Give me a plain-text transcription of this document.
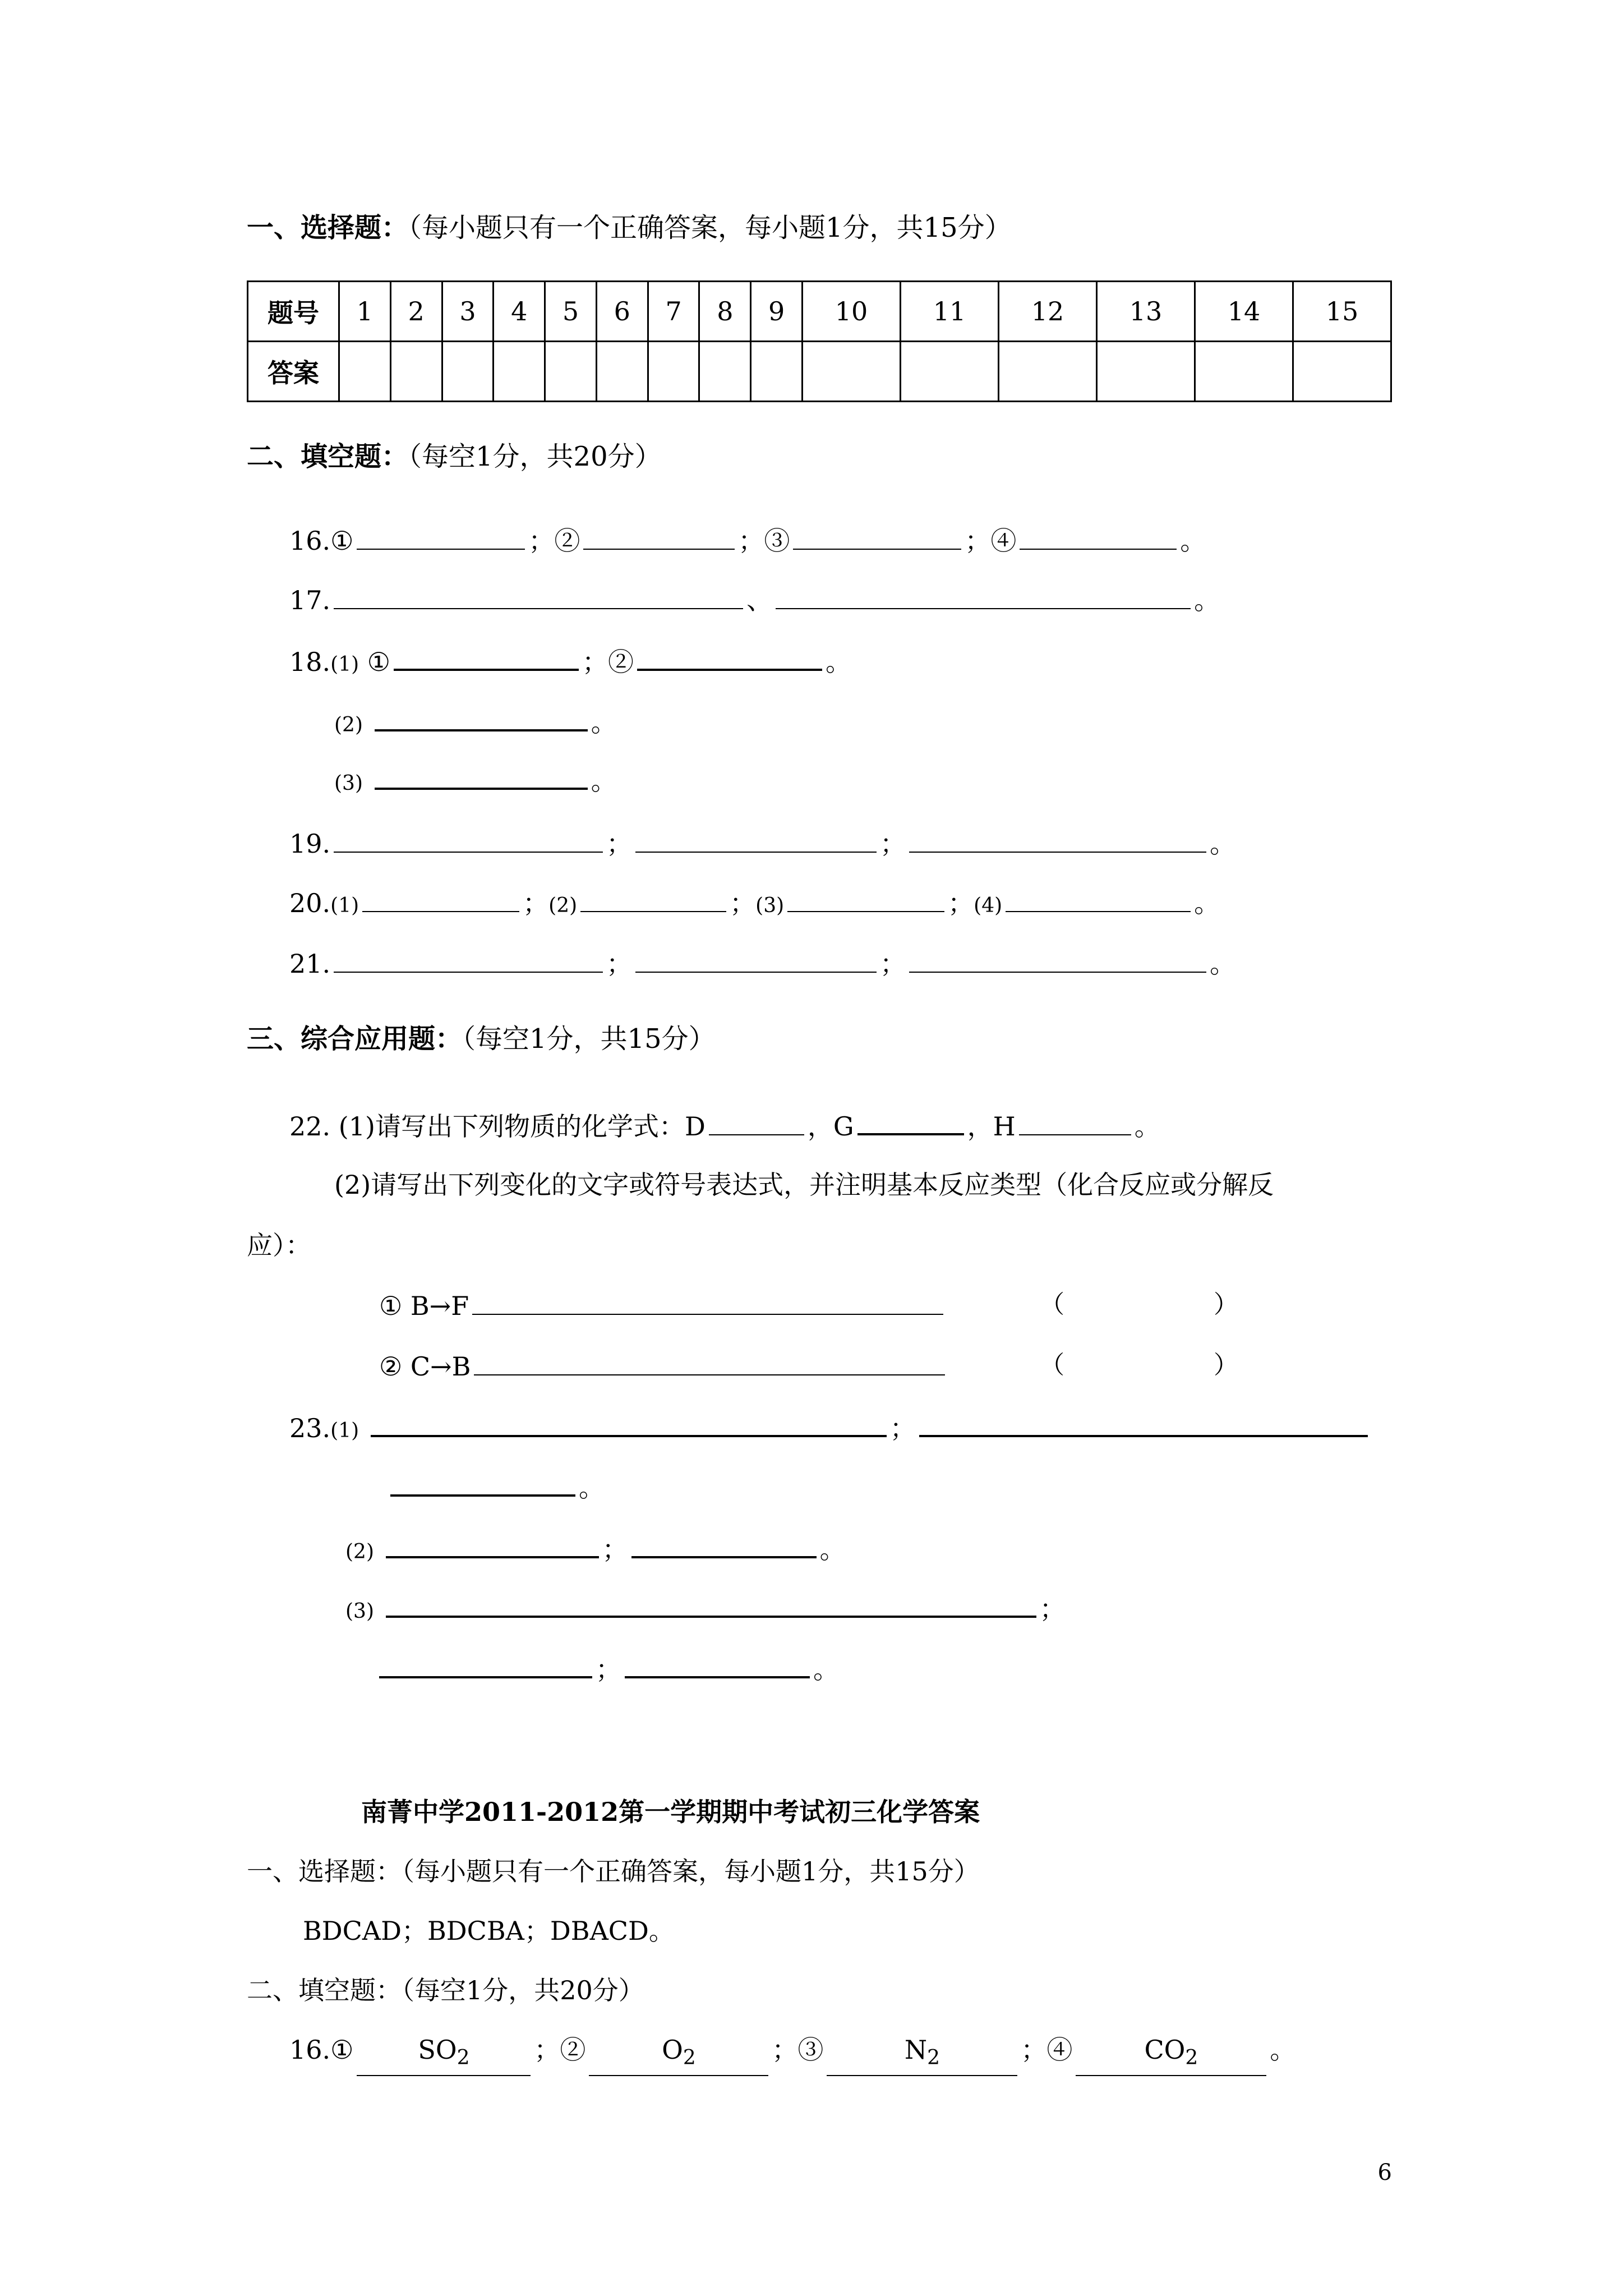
一、选择题：（每小题只有一个正确答案，每小题1分，共15分）
题号	1	2	3	4	5	6	7	8	9	10	11	12	13	14	15
答案															
二、填空题：（每空1分，共20分）
16.①	；②	；③	；④	。
17.	、	。
18.(1) ①	；②	。
(2)	。
(3)	。
19.	；	；	。
20.(1)	；(2)	；(3)	；(4)	。
21.	；	；	。
三、综合应用题：（每空1分，共15分）
22. (1)请写出下列物质的化学式：D	，G	，H	。
(2)请写出下列变化的文字或符号表达式，并注明基本反应类型（化合反应或分解反
应）：
① B→F	（	）
② C→B	（	）
23.(1)	；
。
(2)	；	。
(3)	；
；	。
南菁中学2011-2012第一学期期中考试初三化学答案
一、选择题：（每小题只有一个正确答案，每小题1分，共15分）
BDCAD；BDCBA；DBACD。
二、填空题：（每空1分，共20分）
16.① $SO_2$ ；②	$O_2$	；③	$N_2$	；④	$CO_2$	。
6
